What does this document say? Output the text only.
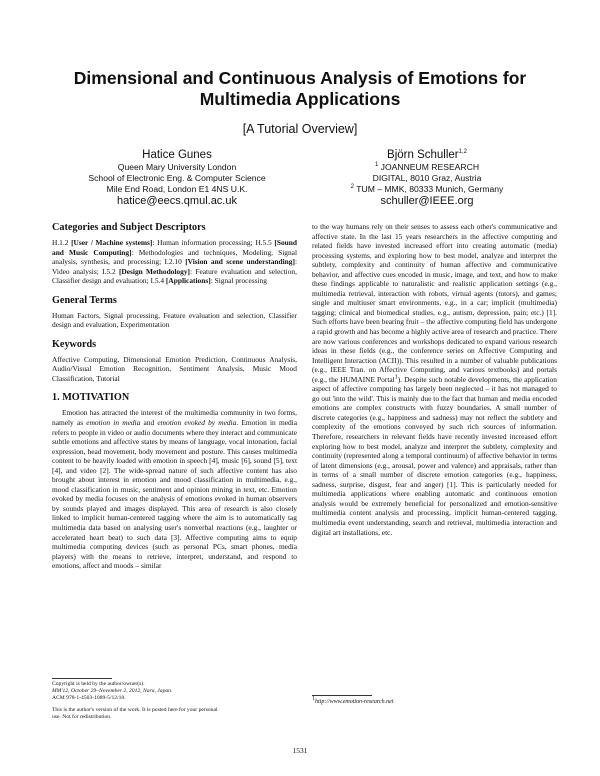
Dimensional and Continuous Analysis of Emotions for
Multimedia Applications
[A Tutorial Overview]
Hatice Gunes
Queen Mary University London
School of Electronic Eng. & Computer Science
Mile End Road, London E1 4NS U.K.
hatice@eecs.qmul.ac.uk
Björn Schuller$^{1,2}$
$^1$ JOANNEUM RESEARCH
DIGITAL, 8010 Graz, Austria
$^2$ TUM – MMK, 80333 Munich, Germany
schuller@IEEE.org
Categories and Subject Descriptors

H.1.2 [User / Machine systems]: Human information processing; H.5.5 [Sound and Music Computing]: Methodologies and techniques, Modeling, Signal analysis, synthesis, and processing; I.2.10 [Vision and scene understanding]: Video analysis; I.5.2 [Design Methodology]: Feature evaluation and selection, Classifier design and evaluation; I.5.4 [Applications]: Signal processing

General Terms

Human Factors, Signal processing, Feature evaluation and selection, Classifier design and evaluation, Experimentation

Keywords

Affective Computing, Dimensional Emotion Prediction, Continuous Analysis, Audio/Visual Emotion Recognition, Sentiment Analysis, Music Mood Classification, Tutorial

1. MOTIVATION

Emotion has attracted the interest of the multimedia community in two forms, namely as emotion in media and emotion evoked by media. Emotion in media refers to people in video or audio documents where they interact and communicate subtle emotions and affective states by means of language, vocal intonation, facial expression, head movement, body movement and posture. This causes multimedia content to be heavily loaded with emotion in speech [4], music [6], sound [5], text [4], and video [2]. The wide-spread nature of such affective content has also brought about interest in emotion and mood classification in multimedia, e.g., mood classification in music, sentiment and opinion mining in text, etc. Emotion evoked by media focuses on the analysis of emotions evoked in human observers by sounds played and images displayed. This area of research is also closely linked to implicit human-centered tagging where the aim is to automatically tag multimedia data based on analysing user's nonverbal reactions (e.g., laughter or accelerated heart beat) to such data [3]. Affective computing aims to equip multimedia computing devices (such as personal PCs, smart phones, media players) with the means to retrieve, interpret, understand, and respond to emotions, affect and moods – similar

to the way humans rely on their senses to assess each other's communicative and affective state. In the last 15 years researchers in the affective computing and related fields have invested increased effort into creating automatic (media) processing systems, and exploring how to best model, analyze and interpret the subtlety, complexity and continuity of human affective and communicative behavior, and affective cues encoded in music, image, and text, and how to make these findings applicable to naturalistic and realistic application settings (e.g., multimedia retrieval, interaction with robots, virtual agents (tutors), and games; single and multiuser smart environments, e.g., in a car; implicit (multimedia) tagging; clinical and biomedical studies, e.g., autism, depression, pain; etc.) [1]. Such efforts have been bearing fruit – the affective computing field has undergone a rapid growth and has become a highly active area of research and practice. There are now various conferences and workshops dedicated to expand various research ideas in these fields (e.g., the conference series on Affective Computing and Intelligent Interaction (ACII)). This resulted in a number of valuable publications (e.g., IEEE Tran. on Affective Computing, and various textbooks) and portals (e.g., the HUMAINE Portal$^1$). Despite such notable developments, the application aspect of affective computing has largely been neglected – it has not managed to go out 'into the wild'. This is mainly due to the fact that human and media encoded emotions are complex constructs with fuzzy boundaries. A small number of discrete categories (e.g., happiness and sadness) may not reflect the subtlety and complexity of the emotions conveyed by such rich sources of information. Therefore, researchers in relevant fields have recently invested increased effort exploring how to best model, analyze and interpret the subtlety, complexity and continuity (represented along a temporal continuum) of affective behavior in terms of latent dimensions (e.g., arousal, power and valence) and appraisals, rather than in terms of a small number of discrete emotion categories (e.g., happiness, sadness, surprise, disgust, fear and anger) [1]. This is particularly needed for multimedia applications where enabling automatic and continuous emotion analysis would be extremely beneficial for personalized and emotion-sensitive multimedia content analysis and processing, implicit human-centered tagging, multimedia event understanding, search and retrieval, multimedia interaction and digital art installations, etc.

$^1$http://www.emotion-research.net
Copyright is held by the author/owner(s).
MM'12, October 29–November 2, 2012, Nara, Japan.
ACM 978-1-4503-1089-5/12/10.
This is the author's version of the work. It is posted here for your personal
use. Not for redistribution.
1531
